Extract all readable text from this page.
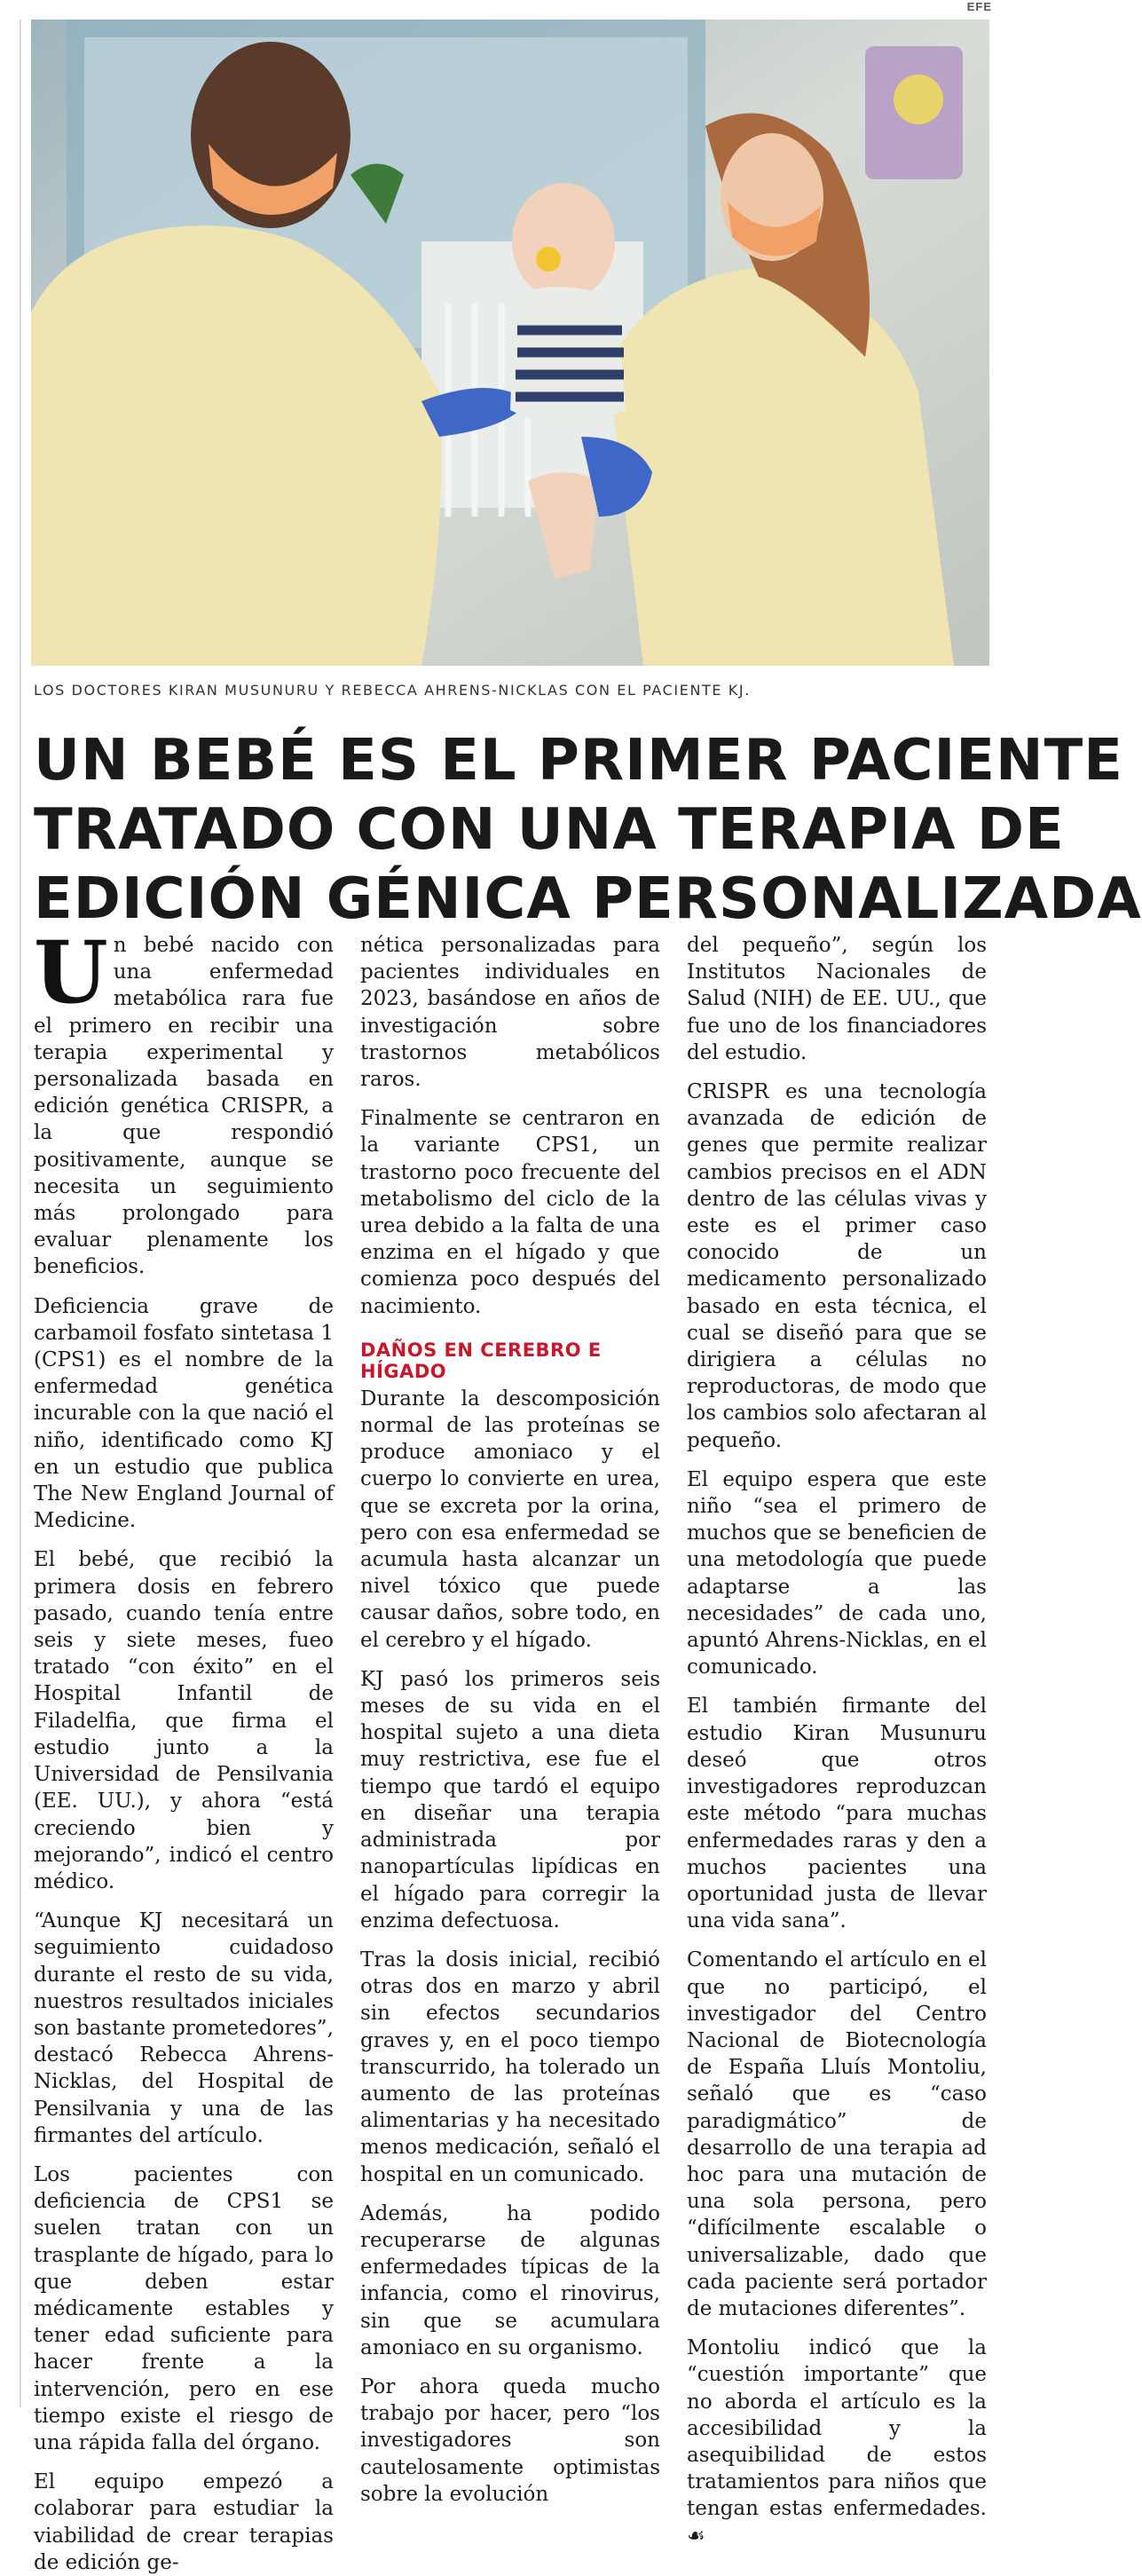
EFE
LOS DOCTORES KIRAN MUSUNURU Y REBECCA AHRENS-NICKLAS CON EL PACIENTE KJ.
UN BEBÉ ES EL PRIMER PACIENTE
TRATADO CON UNA TERAPIA DE
EDICIÓN GÉNICA PERSONALIZADA

Un bebé nacido con una enfermedad metabólica rara fue el primero en recibir una terapia experimental y personalizada basada en edición genética CRISPR, a la que respondió positivamente, aunque se necesita un seguimiento más prolongado para evaluar plenamente los beneficios.

Deficiencia grave de carbamoil fosfato sintetasa 1 (CPS1) es el nombre de la enfermedad genética incurable con la que nació el niño, identificado como KJ en un estudio que publica The New England Journal of Medicine.

El bebé, que recibió la primera dosis en febrero pasado, cuando tenía entre seis y siete meses, fueo tratado “con éxito” en el Hospital Infantil de Filadelfia, que firma el estudio junto a la Universidad de Pensilvania (EE. UU.), y ahora “está creciendo bien y mejorando”, indicó el centro médico.

“Aunque KJ necesitará un seguimiento cuidadoso durante el resto de su vida, nuestros resultados iniciales son bastante prometedores”, destacó Rebecca Ahrens-Nicklas, del Hospital de Pensilvania y una de las firmantes del artículo.

Los pacientes con deficiencia de CPS1 se suelen tratan con un trasplante de hígado, para lo que deben estar médicamente estables y tener edad suficiente para hacer frente a la intervención, pero en ese tiempo existe el riesgo de una rápida falla del órgano.

El equipo empezó a colaborar para estudiar la viabilidad de crear terapias de edición ge-

nética personalizadas para pacientes individuales en 2023, basándose en años de investigación sobre trastornos metabólicos raros.

Finalmente se centraron en la variante CPS1, un trastorno poco frecuente del metabolismo del ciclo de la urea debido a la falta de una enzima en el hígado y que comienza poco después del nacimiento.

DAÑOS EN CEREBRO E HÍGADO

Durante la descomposición normal de las proteínas se produce amoniaco y el cuerpo lo convierte en urea, que se excreta por la orina, pero con esa enfermedad se acumula hasta alcanzar un nivel tóxico que puede causar daños, sobre todo, en el cerebro y el hígado.

KJ pasó los primeros seis meses de su vida en el hospital sujeto a una dieta muy restrictiva, ese fue el tiempo que tardó el equipo en diseñar una terapia administrada por nanopartículas lipídicas en el hígado para corregir la enzima defectuosa.

Tras la dosis inicial, recibió otras dos en marzo y abril sin efectos secundarios graves y, en el poco tiempo transcurrido, ha tolerado un aumento de las proteínas alimentarias y ha necesitado menos medicación, señaló el hospital en un comunicado.

Además, ha podido recuperarse de algunas enfermedades típicas de la infancia, como el rinovirus, sin que se acumulara amoniaco en su organismo.

Por ahora queda mucho trabajo por hacer, pero “los investigadores son cautelosamente optimistas sobre la evolución

del pequeño”, según los Institutos Nacionales de Salud (NIH) de EE. UU., que fue uno de los financiadores del estudio.

CRISPR es una tecnología avanzada de edición de genes que permite realizar cambios precisos en el ADN dentro de las células vivas y este es el primer caso conocido de un medicamento personalizado basado en esta técnica, el cual se diseñó para que se dirigiera a células no reproductoras, de modo que los cambios solo afectaran al pequeño.

El equipo espera que este niño “sea el primero de muchos que se beneficien de una metodología que puede adaptarse a las necesidades” de cada uno, apuntó Ahrens-Nicklas, en el comunicado.

El también firmante del estudio Kiran Musunuru deseó que otros investigadores reproduzcan este método “para muchas enfermedades raras y den a muchos pacientes una oportunidad justa de llevar una vida sana”.

Comentando el artículo en el que no participó, el investigador del Centro Nacional de Biotecnología de España Lluís Montoliu, señaló que es “caso paradigmático” de desarrollo de una terapia ad hoc para una mutación de una sola persona, pero “difícilmente escalable o universalizable, dado que cada paciente será portador de mutaciones diferentes”.

Montoliu indicó que la “cuestión importante” que no aborda el artículo es la accesibilidad y la asequibilidad de estos tratamientos para niños que tengan estas enfermedades. ☙
